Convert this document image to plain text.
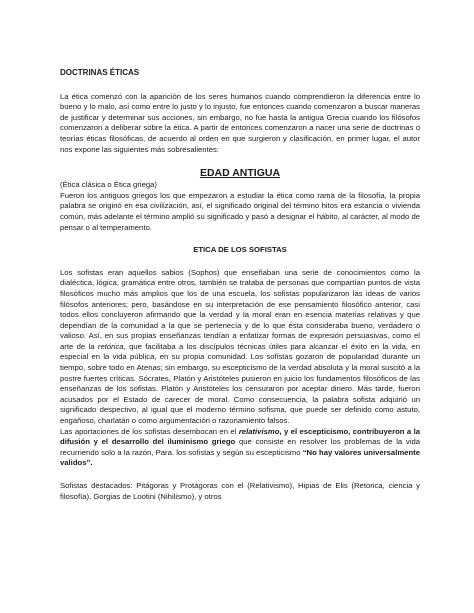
DOCTRINAS ÉTICAS

La ética comenzó con la aparición de los seres humanos cuando comprendieron la diferencia entre lo bueno y lo malo, así como entre lo justo y lo injusto, fue entonces cuando comenzaron a buscar maneras de justificar y determinar sus acciones, sin embargo, no fue hasta la antigua Grecia cuando los filósofos comenzaron a deliberar sobre la ética. A partir de entonces comenzaron a nacer una serie de doctrinas o teorías éticas filosóficas, de acuerdo al orden en que surgieron y clasificación, en primer lugar, el autor nos expone las siguientes más sobresalientes:

EDAD ANTIGUA

(Ética clásica o Ética griega)

Fueron los antiguos griegos los que empezaron a estudiar la ética como rama de la filosofía, la propia palabra se originó en esa civilización, así, el significado original del término hitos era estancia o vivienda común, más adelante el término amplió su significado y pasó a designar el hábito, al carácter, al modo de pensar o al temperamento.

ETICA DE LOS SOFISTAS

Los sofistas eran aquellos sabios (Sophos) que enseñaban una serie de conocimientos como la dialéctica, lógica, gramática entre otros, también se trataba de personas que compartían puntos de vista filosóficos mucho más amplios que los de una escuela, los sofistas popularizaron las ideas de varios filósofos anteriores; pero, basándose en su interpretación de ese pensamiento filosófico anterior, casi todos ellos concluyeron afirmando que la verdad y la moral eran en esencia materias relativas y que dependían de la comunidad a la que se pertenecía y de lo que ésta consideraba bueno, verdadero o valioso. Así, en sus propias enseñanzas tendían a enfatizar formas de expresión persuasivas, como el arte de la retórica, que facilitaba a los discípulos técnicas útiles para alcanzar el éxito en la vida, en especial en la vida pública, en su propia comunidad. Los sofistas gozaron de popularidad durante un tiempo, sobre todo en Atenas; sin embargo, su escepticismo de la verdad absoluta y la moral suscitó a la postre fuertes críticas. Sócrates, Platón y Aristóteles pusieron en juicio los fundamentos filosóficos de las enseñanzas de los sofistas. Platón y Aristóteles los censuraron por aceptar dinero. Más tarde, fueron acusados por el Estado de carecer de moral. Como consecuencia, la palabra sofista adquirió un significado despectivo, al igual que el moderno término sofisma, que puede ser definido como astuto, engañoso, charlatán o como argumentación o razonamiento falsos.

Las aportaciones de los sofistas desembocan en el relativismo, y el escepticismo, contribuyeron a la difusión y el desarrollo del iluminismo griego que consiste en resolver los problemas de la vida recurriendo solo a la razón, Para. los sofistas y según su escepticismo “No hay valores universalmente validos”.

Sofistas destacados: Pitágoras y Protágoras con el (Relativismo), Hipias de Elis (Retorica, ciencia y filosofía), Gorgias de Lootini (Nihilismo), y otros
